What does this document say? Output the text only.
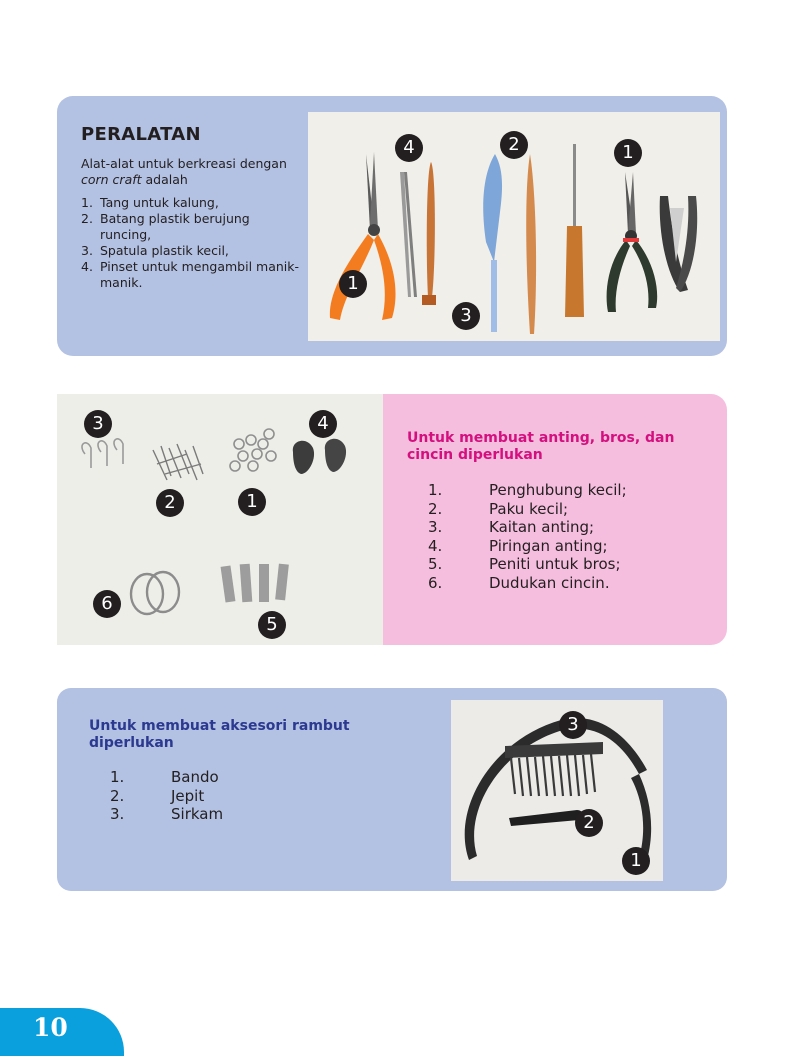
PERALATAN
Alat-alat untuk berkreasi dengan corn craft adalah
1. Tang untuk kalung,
2. Batang plastik berujung runcing,
3. Spatula plastik kecil,
4. Pinset untuk mengambil manik-manik.
4	2	1
1
3
3	4
2	1
6
5
Untuk membuat anting, bros, dan cincin diperlukan
1.	Penghubung kecil;
2.	Paku kecil;
3.	Kaitan anting;
4.	Piringan anting;
5.	Peniti untuk bros;
6.	Dudukan cincin.
Untuk membuat aksesori rambut diperlukan
1.	Bando
2.	Jepit
3.	Sirkam
3
2
1
10
